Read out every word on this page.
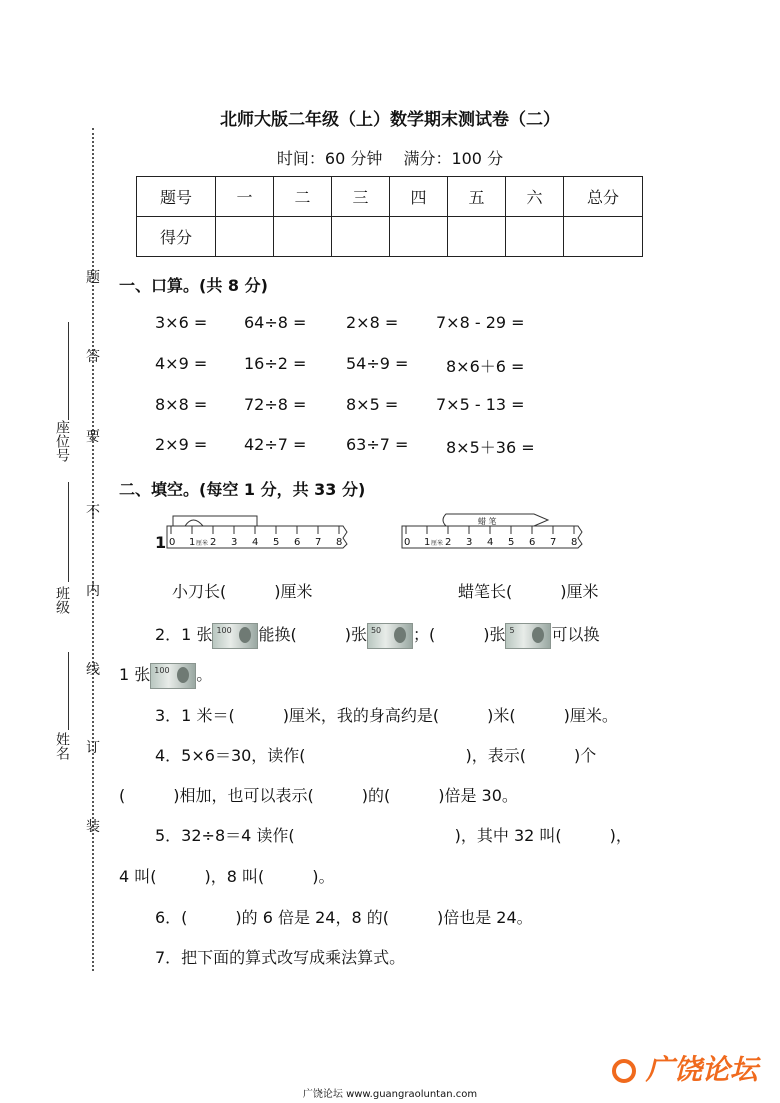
北师大版二年级（上）数学期末测试卷（二）
时间：60 分钟　 满分：100 分
题号	一	二	三	四	五	六	总分
得分							
题
答
要
不
内
线
订
装
座位号
班级
姓名
一、口算。(共 8 分)
3×6 = 64÷8 = 2×8 = 7×8 - 29 =
4×9 = 16÷2 = 54÷9 = 8×6＋6 =
8×8 = 72÷8 = 8×5 = 7×5 - 13 =
2×9 = 42÷7 = 63÷7 = 8×5＋36 =
二、填空。(每空 1 分，共 33 分)
1 0 1 厘米 2 3 4 5 6 7 8
蜡 笔
0 1 厘米 2 3 4 5 6 7 8
小刀长(　　　)厘米	蜡笔长(　　　)厘米
2．1 张 100 能换(　　　)张 50 ；(　　　)张 5 可以换
1 张 100 。
3．1 米＝(　　　)厘米，我的身高约是(　　　)米(　　　)厘米。
4．5×6＝30，读作(　　　　　　　　　　)，表示(　　　)个
(　　　)相加，也可以表示(　　　)的(　　　)倍是 30。
5．32÷8＝4 读作(　　　　　　　　　　)，其中 32 叫(　　　)，
4 叫(　　　)，8 叫(　　　)。
6．(　　　)的 6 倍是 24，8 的(　　　)倍也是 24。
7．把下面的算式改写成乘法算式。
广饶论坛 www.guangraoluntan.com
广饶论坛
